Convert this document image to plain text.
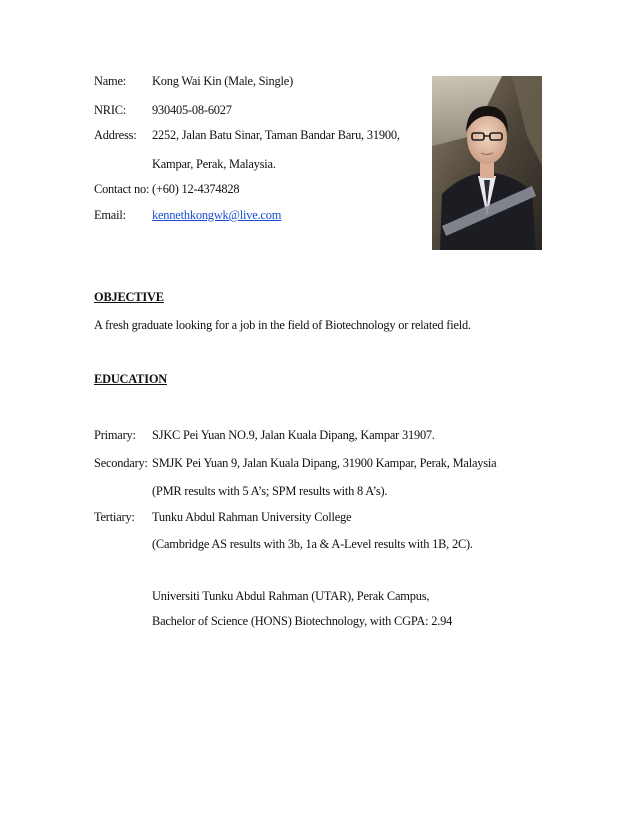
Name: Kong Wai Kin (Male, Single)
NRIC: 930405-08-6027
Address: 2252, Jalan Batu Sinar, Taman Bandar Baru, 31900,
Kampar, Perak, Malaysia.
Contact no: (+60) 12-4374828
Email: kennethkongwk@live.com
OBJECTIVE
A fresh graduate looking for a job in the field of Biotechnology or related field.
EDUCATION
Primary: SJKC Pei Yuan NO.9, Jalan Kuala Dipang, Kampar 31907.
Secondary: SMJK Pei Yuan 9, Jalan Kuala Dipang, 31900 Kampar, Perak, Malaysia
(PMR results with 5 A’s; SPM results with 8 A’s).
Tertiary: Tunku Abdul Rahman University College
(Cambridge AS results with 3b, 1a & A-Level results with 1B, 2C).
Universiti Tunku Abdul Rahman (UTAR), Perak Campus,
Bachelor of Science (HONS) Biotechnology, with CGPA: 2.94
